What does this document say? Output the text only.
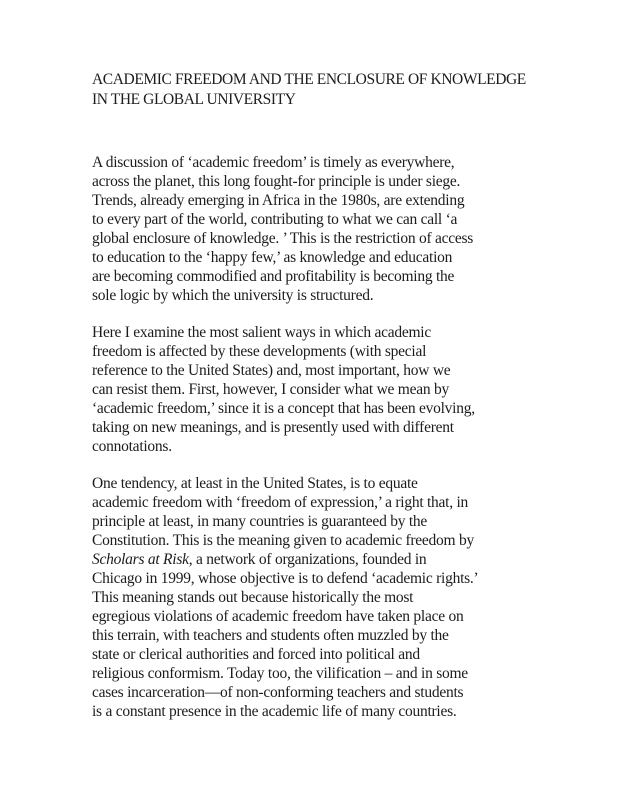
ACADEMIC FREEDOM AND THE ENCLOSURE OF KNOWLEDGE
IN THE GLOBAL UNIVERSITY

A discussion of ‘academic freedom’ is timely as everywhere,
across the planet, this long fought-for principle is under siege.
Trends, already emerging in Africa in the 1980s, are extending
to every part of the world, contributing to what we can call ‘a
global enclosure of knowledge. ’ This is the restriction of access
to education to the ‘happy few,’ as knowledge and education
are becoming commodified and profitability is becoming the
sole logic by which the university is structured.

Here I examine the most salient ways in which academic
freedom is affected by these developments (with special
reference to the United States) and, most important, how we
can resist them. First, however, I consider what we mean by
‘academic freedom,’ since it is a concept that has been evolving,
taking on new meanings, and is presently used with different
connotations.

One tendency, at least in the United States, is to equate
academic freedom with ‘freedom of expression,’ a right that, in
principle at least, in many countries is guaranteed by the
Constitution. This is the meaning given to academic freedom by
Scholars at Risk, a network of organizations, founded in
Chicago in 1999, whose objective is to defend ‘academic rights.’
This meaning stands out because historically the most
egregious violations of academic freedom have taken place on
this terrain, with teachers and students often muzzled by the
state or clerical authorities and forced into political and
religious conformism. Today too, the vilification – and in some
cases incarceration—of non-conforming teachers and students
is a constant presence in the academic life of many countries.
